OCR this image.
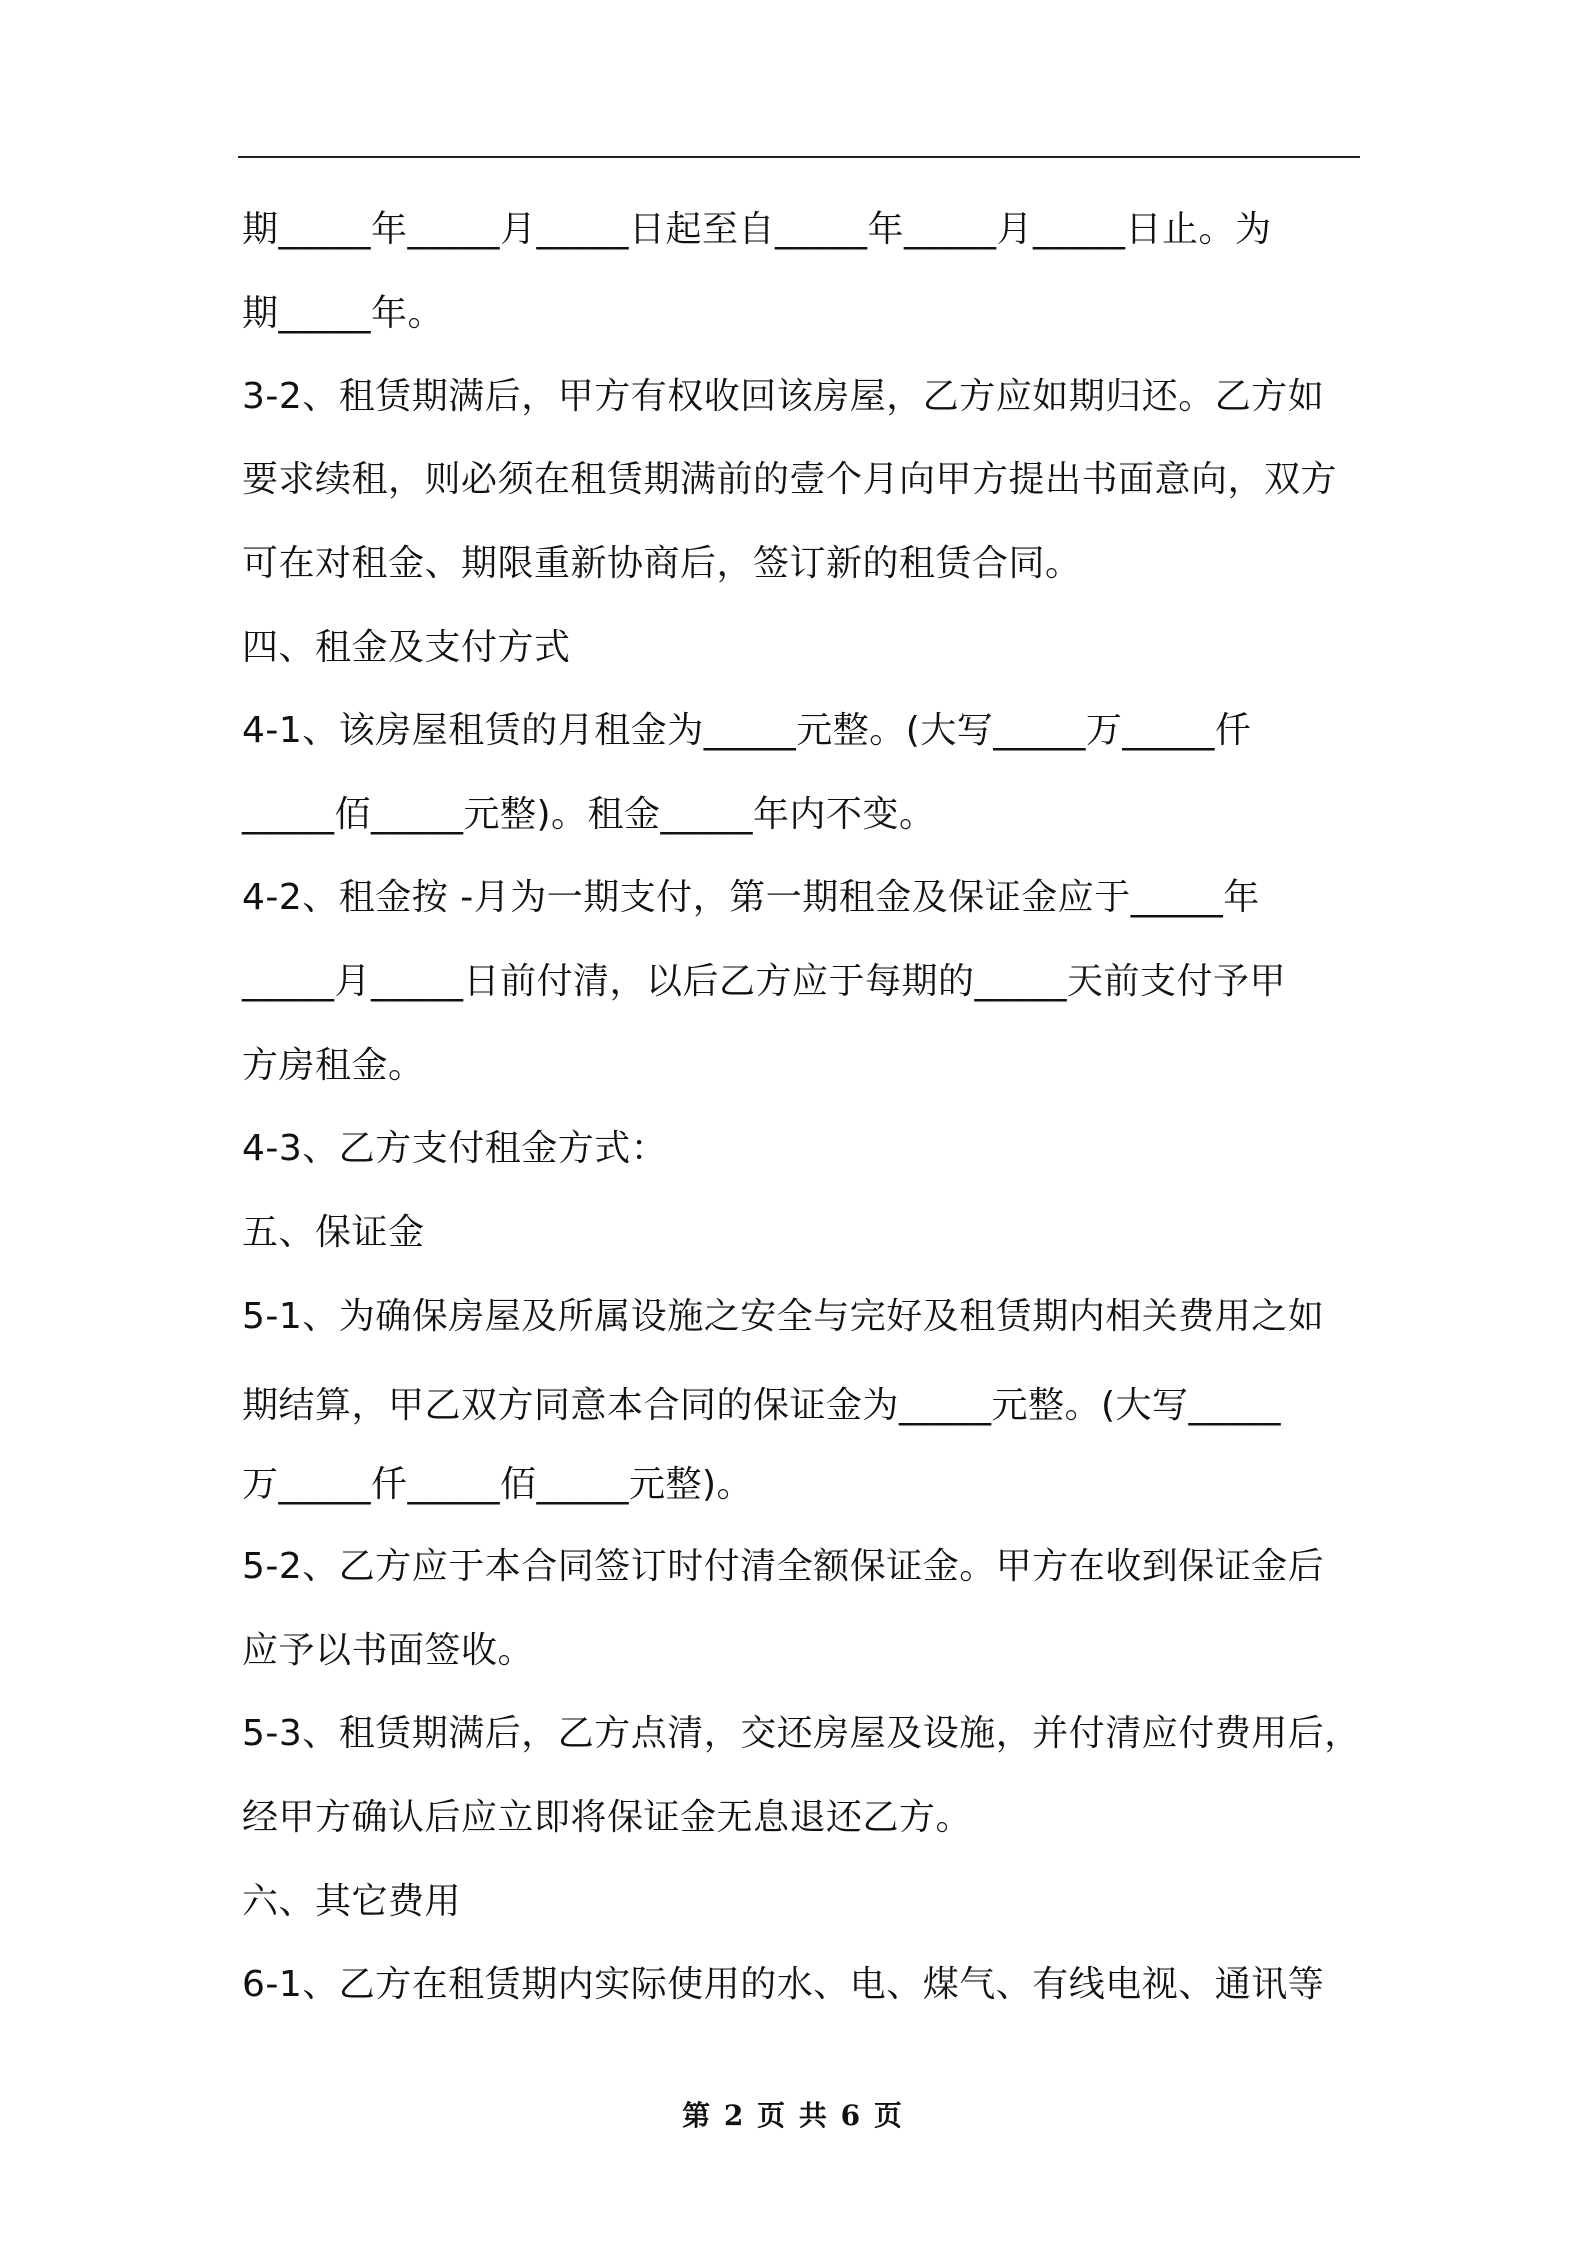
期_____年_____月_____日起至自_____年_____月_____日止。为
期_____年。
3-2、租赁期满后，甲方有权收回该房屋，乙方应如期归还。乙方如
要求续租，则必须在租赁期满前的壹个月向甲方提出书面意向，双方
可在对租金、期限重新协商后，签订新的租赁合同。
四、租金及支付方式
4-1、该房屋租赁的月租金为_____元整。(大写_____万_____仟
_____佰_____元整)。租金_____年内不变。
4-2、租金按 -月为一期支付，第一期租金及保证金应于_____年
_____月_____日前付清，以后乙方应于每期的_____天前支付予甲
方房租金。
4-3、乙方支付租金方式：
五、保证金
5-1、为确保房屋及所属设施之安全与完好及租赁期内相关费用之如
期结算，甲乙双方同意本合同的保证金为_____元整。(大写_____
万_____仟_____佰_____元整)。
5-2、乙方应于本合同签订时付清全额保证金。甲方在收到保证金后
应予以书面签收。
5-3、租赁期满后，乙方点清，交还房屋及设施，并付清应付费用后，
经甲方确认后应立即将保证金无息退还乙方。
六、其它费用
6-1、乙方在租赁期内实际使用的水、电、煤气、有线电视、通讯等
第 2 页 共 6 页
